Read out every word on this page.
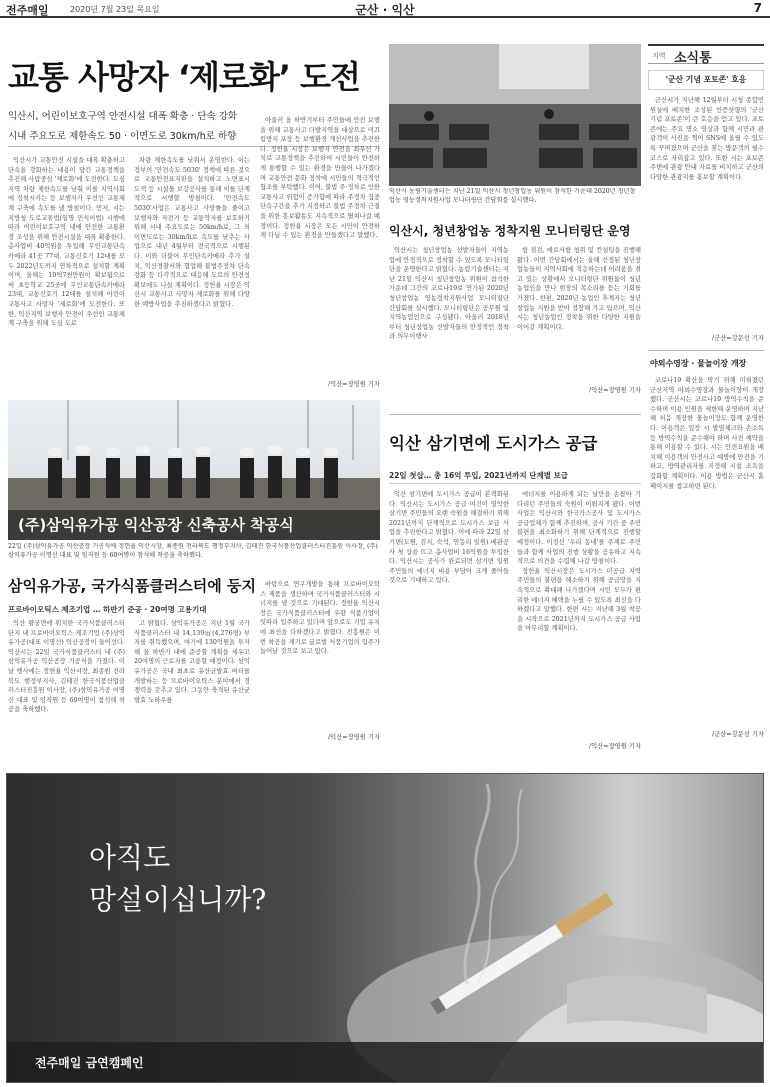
전주매일	2020년 7월 23일 목요일	군산 · 익산	7
교통 사망자 ‘제로화’ 도전
익산시, 어린이보호구역 안전시설 대폭 확충 · 단속 강화
시내 주요도로 제한속도 50 · 이면도로 30km/h로 하향

익산시가 교통안전 시설을 대폭 확충하고 단속을 강화하는 내용이 담긴 교통정책을 추진해 사람중심 '제로화'에 도전한다. 도심지역 차량 제한속도를 낮춰 이를 지역사회에 정착시키는 등 보행자가 우선인 교통체계 구축에 속도를 낼 방침이다. 먼저, 시는 지방청 도로교통법(일명 민식이법) 시행에 따라 어린이보호구역 내에 안전한 교통환경 조성을 위해 안전시설을 대폭 확충한다. 총사업비 40억원을 투입해 무인교통단속카메라 41곳 77대, 교통신호기 12대를 모두 2022년도까지 연차적으로 설치할 계획이며, 올해는 19억7천만원이 확보됨으로써 초등학교 25곳에 무인교통단속카메라 23대, 교통신호기 12대를 설치해 어린이 교통사고 사망자 '제로화'에 도전한다. 또한, 익산지역 보행자 안전이 우선인 교통체계 구축을 위해 도심 도로

차량 제한속도를 낮춰서 운영한다. 이는 정부의 '안전속도 5030' 정책에 따른 것으로 교통안전표지판을 설치하고 노면표시 도색 등 시설물 보강공사를 통해 이를 단계적으로 시행할 방침이다. '안전속도 5030'사업은 교통사고 사망률을 줄이고 보행자와 자전거 등 교통약자를 보호하기 위해 시내 주요도로는 50km/h로, 그 외 이면도로는 30km/h로 속도를 낮추는 사업으로 내년 4월부터 전국적으로 시행된다. 이와 더불어 무인단속카메라 추가 설치, 익산경찰서와 협업해 불법주정차 단속 강화 등 다각적으로 대응해 도로의 안전성 확보에도 나설 계획이다. 정헌율 시장은 익산시 교통사고 사망자 제로화를 위해 다양한 예방사업을 추진하겠다고 밝혔다.

아울러 올 하반기부터 주민들에 안전 보행을 위해 교통사고 다발지역을 대상으로 미끄럼방지 포장 등 보행환경 개선사업을 추진한다. 정헌율 시장은 보행자 안전을 최우선 가치로 교통정책을 추진하여 시민들이 안전하게 통행할 수 있는 환경을 만들어 나가겠다며 교통안전 문화 정착에 시민들의 적극적인 협조를 부탁했다. 이어, 불법 주·정차로 인한 교통사고 위험이 증가함에 따라 주정차 집중 단속구간을 추가 지정하고 불법 주정차 근절을 위한 홍보활동도 지속적으로 펼쳐나갈 예정이다. 정헌율 시장은 모든 시민이 안전하게 다닐 수 있는 환경을 만들겠다고 말했다.

/익산=장영원 기자
(주)삼익유가공 익산공장 신축공사 착공식
22일 (주)삼익유가공 익산공장 기공식에 정헌율 익산시장, 최종원 전라북도 행정부지사, 김태진 한국식품산업클러스터진흥원 이사장, (주)삼익유가공 이명신 대표 및 임직원 등 60여명이 참석해 착공을 축하했다.
삼익유가공, 국가식품클러스터에 둥지
프로바이오틱스 제조기업 … 하반기 준공 · 20여명 고용기대

익산 왕궁면에 위치한 국가식품클러스터 단지 내 프로바이오틱스 제조기업 (주)삼익유가공(대표 이명신) 익산공장이 들어선다. 익산시는 22일 국가식품클러스터 내 (주)삼익유가공 익산공장 기공식을 가졌다. 이날 행사에는 정헌율 익산시장, 최종원 전라북도 행정부지사, 김태진 한국식품산업클러스터진흥원 이사장, (주)삼익유가공 이명신 대표 및 임직원 등 60여명이 참석해 착공을 축하했다.

고 밝혔다. 삼익유가공은 지난 1월 국가식품클러스터 내 14,139㎡(4,276평) 부지를 취득했으며, 여기에 130억원을 투자해 올 하반기 내에 준공할 계획을 세우고 20여명의 근로자를 고용할 예정이다. 삼익유가공은 국내 최초로 유산균발효 버터를 개발하는 등 프로바이오틱스 분야에서 경쟁력을 갖추고 있다. 그동안 축적된 유산균 발효 노하우를

바탕으로 연구개발을 통해 프로바이오틱스 제품을 생산하며 국가식품클러스터와 시너지를 낼 것으로 기대된다. 정헌율 익산시장은 국가식품클러스터에 우량 식품기업이 잇따라 입주하고 있다며 앞으로도 기업 유치에 최선을 다하겠다고 밝혔다. 진흥원은 이번 착공을 계기로 글로벌 식품기업의 입주가 늘어날 것으로 보고 있다.

/익산=장영원 기자
익산시 농림기술센터는 지난 21일 익산시 청년창업농 위원이 참석한 가운데 2020년 청년창업농 영농정착지원사업 모니터링단 간담회를 실시했다.
익산시, 청년창업농 정착지원 모니터링단 운영

익산시는 청년창업농 선발자들이 지역농업에 안정적으로 정착할 수 있도록 모니터링단을 운영한다고 밝혔다. 농림기술센터는 지난 21일 익산시 청년창업농 위원이 참석한 가운데 그간의 코로나19로 연기된 2020년 청년창업농 영농정착지원사업 모니터링단 간담회를 실시했다. 모니터링단은 공무원 및 지역농업인으로 구성됐다. 아울러 2018년부터 청년창업농 선발자들의 안정적인 정착과 의무이행사

항 점검, 애로사항 청취 및 컨설팅을 진행해 왔다. 이번 간담회에서는 올해 선정된 청년창업농들이 지역사회에 적응하는데 어려움을 겪고 있는 상황에서 모니터링단 위원들이 청년 농업인을 만나 현장의 목소리를 듣는 기회를 가졌다. 한편, 2020년 농업인 후계자는 청년창업농 지원을 받아 성장해 가고 있으며, 익산시는 청년농업인 정착을 위한 다양한 지원을 이어갈 계획이다.

/익산=장영원 기자
익산 삼기면에 도시가스 공급
22일 첫삽… 총 16억 투입, 2021년까지 단계별 보급

익산 삼기면에 도시가스 공급이 본격화된다. 익산시는 도시가스 공급 여건이 열악한 삼기면 주민들의 오랜 숙원을 해결하기 위해 2021년까지 단계적으로 도시가스 보급 사업을 추진한다고 밝혔다. 이에 따라 22일 삼기면(도원, 검지, 숙석, 연동리 일원) 배관공사 첫 삽을 뜨고 총사업비 16억원을 투입한다. 익산시는 공사가 완료되면 삼기면 일원 주민들의 에너지 비용 부담이 크게 줄어들 것으로 기대하고 있다.

에너지를 이용하게 되는 날만을 손꼽아 기다리던 주민들의 숙원이 이뤄지게 됐다. 이번 사업은 익산시와 한국가스공사 및 도시가스 공급업체가 함께 추진하며, 공사 기간 중 주민 불편을 최소화하기 위해 단계적으로 진행할 예정이다. 이정선 '우리 동네'를 주제로 주민들과 함께 사업의 진행 상황을 공유하고 지속적으로 의견을 수렴해 나갈 방침이다.

정헌율 익산시장은 도시가스 미공급 지역 주민들의 불편을 해소하기 위해 공급망을 지속적으로 확대해 나가겠다며 시민 모두가 편리한 에너지 혜택을 누릴 수 있도록 최선을 다하겠다고 말했다. 한편 시는 지난해 3월 착공을 시작으로 2021년까지 도시가스 공급 사업을 마무리할 계획이다.

/익산=장영원 기자
지역 소식통
'군산 기념 포토존' 호응

군산시가 지난해 12월부터 시청 종합민원실에 배치한 조성된 인증샷형의 '군산 기념 포토존'이 큰 호응을 얻고 있다. 포토존에는 주요 명소 영상과 함께 시민과 관광객이 사진을 찍어 SNS에 올릴 수 있도록 꾸며졌으며 군산을 찾는 방문객의 필수 코스로 자리잡고 있다. 또한 시는 포토존 주변에 관광 안내 자료를 비치하고 군산의 다양한 관광지를 홍보할 계획이다.

/군산=강문선 기자
야외수영장 · 물놀이장 개장

코로나19 확산을 막기 위해 미뤄졌던 군산지역 야외수영장과 물놀이장이 개장했다. 군산시는 코로나19 방역수칙을 준수하며 이용 인원을 제한해 운영하며 지난해 처음 개장한 물놀이장도 함께 운영한다. 이용객은 입장 시 발열체크와 손소독 등 방역수칙을 준수해야 하며 사전 예약을 통해 이용할 수 있다. 시는 안전요원을 배치해 이용객의 안전사고 예방에 만전을 기하고, 방역관리자를 지정해 시설 소독을 강화할 계획이다. 이용 방법은 군산시 홈페이지를 참고하면 된다.

/군산=강문선 기자
아직도
망설이십니까?
전주매일 금연캠페인
